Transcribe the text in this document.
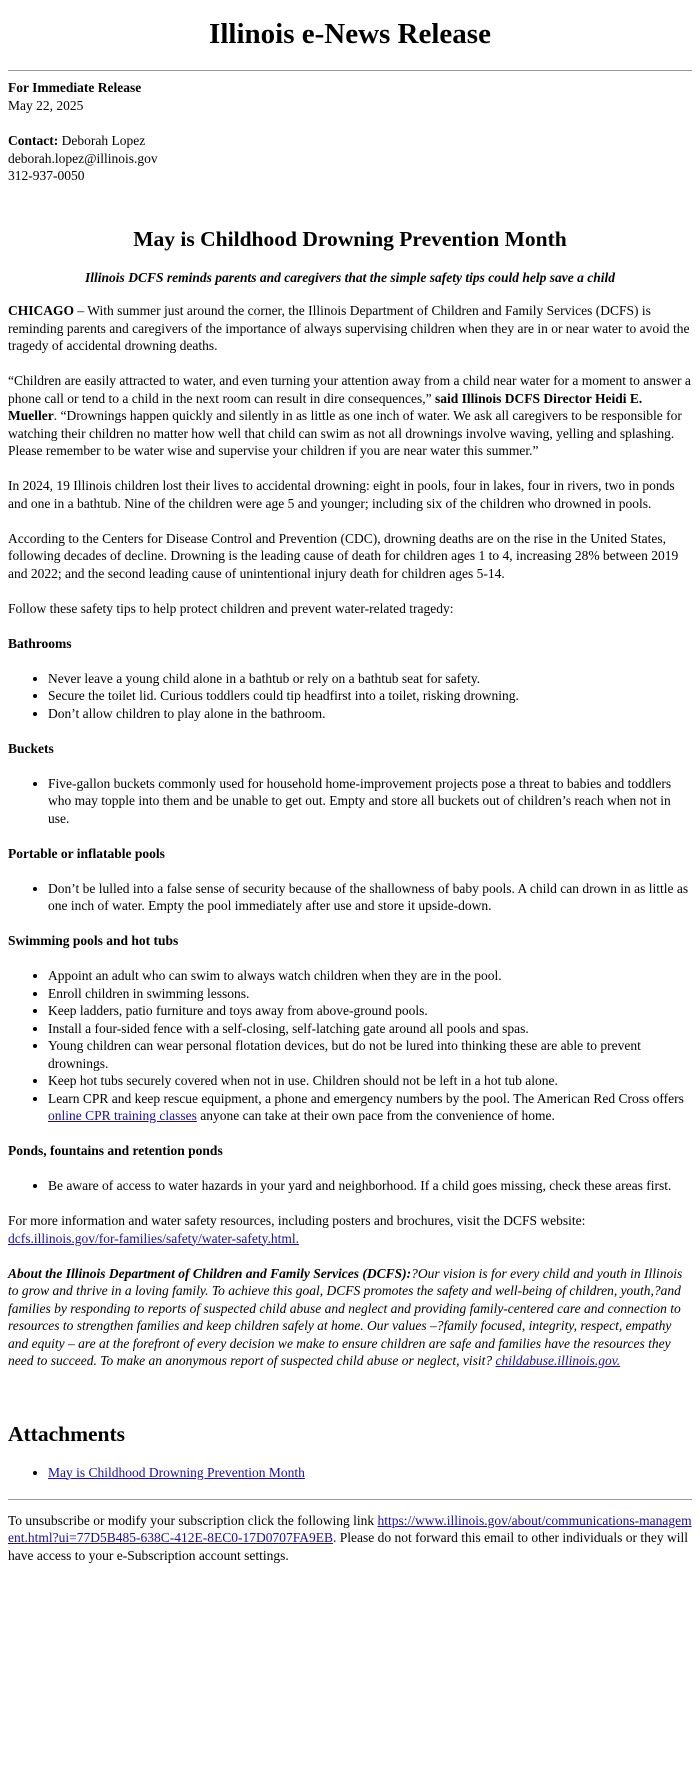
Illinois e-News Release

For Immediate Release

May 22, 2025

Contact: Deborah Lopez

deborah.lopez@illinois.gov

312-937-0050

May is Childhood Drowning Prevention Month

Illinois DCFS reminds parents and caregivers that the simple safety tips could help save a child

CHICAGO – With summer just around the corner, the Illinois Department of Children and Family Services (DCFS) is reminding parents and caregivers of the importance of always supervising children when they are in or near water to avoid the tragedy of accidental drowning deaths.

“Children are easily attracted to water, and even turning your attention away from a child near water for a moment to answer a phone call or tend to a child in the next room can result in dire consequences,” said Illinois DCFS Director Heidi E. Mueller. “Drownings happen quickly and silently in as little as one inch of water. We ask all caregivers to be responsible for watching their children no matter how well that child can swim as not all drownings involve waving, yelling and splashing. Please remember to be water wise and supervise your children if you are near water this summer.”

In 2024, 19 Illinois children lost their lives to accidental drowning: eight in pools, four in lakes, four in rivers, two in ponds and one in a bathtub. Nine of the children were age 5 and younger; including six of the children who drowned in pools.

According to the Centers for Disease Control and Prevention (CDC), drowning deaths are on the rise in the United States, following decades of decline. Drowning is the leading cause of death for children ages 1 to 4, increasing 28% between 2019 and 2022; and the second leading cause of unintentional injury death for children ages 5-14.

Follow these safety tips to help protect children and prevent water-related tragedy:

Bathrooms
• Never leave a young child alone in a bathtub or rely on a bathtub seat for safety.
• Secure the toilet lid. Curious toddlers could tip headfirst into a toilet, risking drowning.
• Don’t allow children to play alone in the bathroom.
Buckets
• Five-gallon buckets commonly used for household home-improvement projects pose a threat to babies and toddlers who may topple into them and be unable to get out. Empty and store all buckets out of children’s reach when not in use.
Portable or inflatable pools
• Don’t be lulled into a false sense of security because of the shallowness of baby pools. A child can drown in as little as one inch of water. Empty the pool immediately after use and store it upside-down.
Swimming pools and hot tubs
• Appoint an adult who can swim to always watch children when they are in the pool.
• Enroll children in swimming lessons.
• Keep ladders, patio furniture and toys away from above-ground pools.
• Install a four-sided fence with a self-closing, self-latching gate around all pools and spas.
• Young children can wear personal flotation devices, but do not be lured into thinking these are able to prevent drownings.
• Keep hot tubs securely covered when not in use. Children should not be left in a hot tub alone.
• Learn CPR and keep rescue equipment, a phone and emergency numbers by the pool. The American Red Cross offers online CPR training classes anyone can take at their own pace from the convenience of home.
Ponds, fountains and retention ponds
• Be aware of access to water hazards in your yard and neighborhood. If a child goes missing, check these areas first.

For more information and water safety resources, including posters and brochures, visit the DCFS website: dcfs.illinois.gov/for-families/safety/water-safety.html.

About the Illinois Department of Children and Family Services (DCFS):?Our vision is for every child and youth in Illinois to grow and thrive in a loving family. To achieve this goal, DCFS promotes the safety and well-being of children, youth,?and families by responding to reports of suspected child abuse and neglect and providing family-centered care and connection to resources to strengthen families and keep children safely at home. Our values –?family focused, integrity, respect, empathy and equity – are at the forefront of every decision we make to ensure children are safe and families have the resources they need to succeed. To make an anonymous report of suspected child abuse or neglect, visit? childabuse.illinois.gov.

Attachments
• May is Childhood Drowning Prevention Month

To unsubscribe or modify your subscription click the following link https://www.illinois.gov/about/communications-management.html?ui=77D5B485-638C-412E-8EC0-17D0707FA9EB. Please do not forward this email to other individuals or they will have access to your e-Subscription account settings.
